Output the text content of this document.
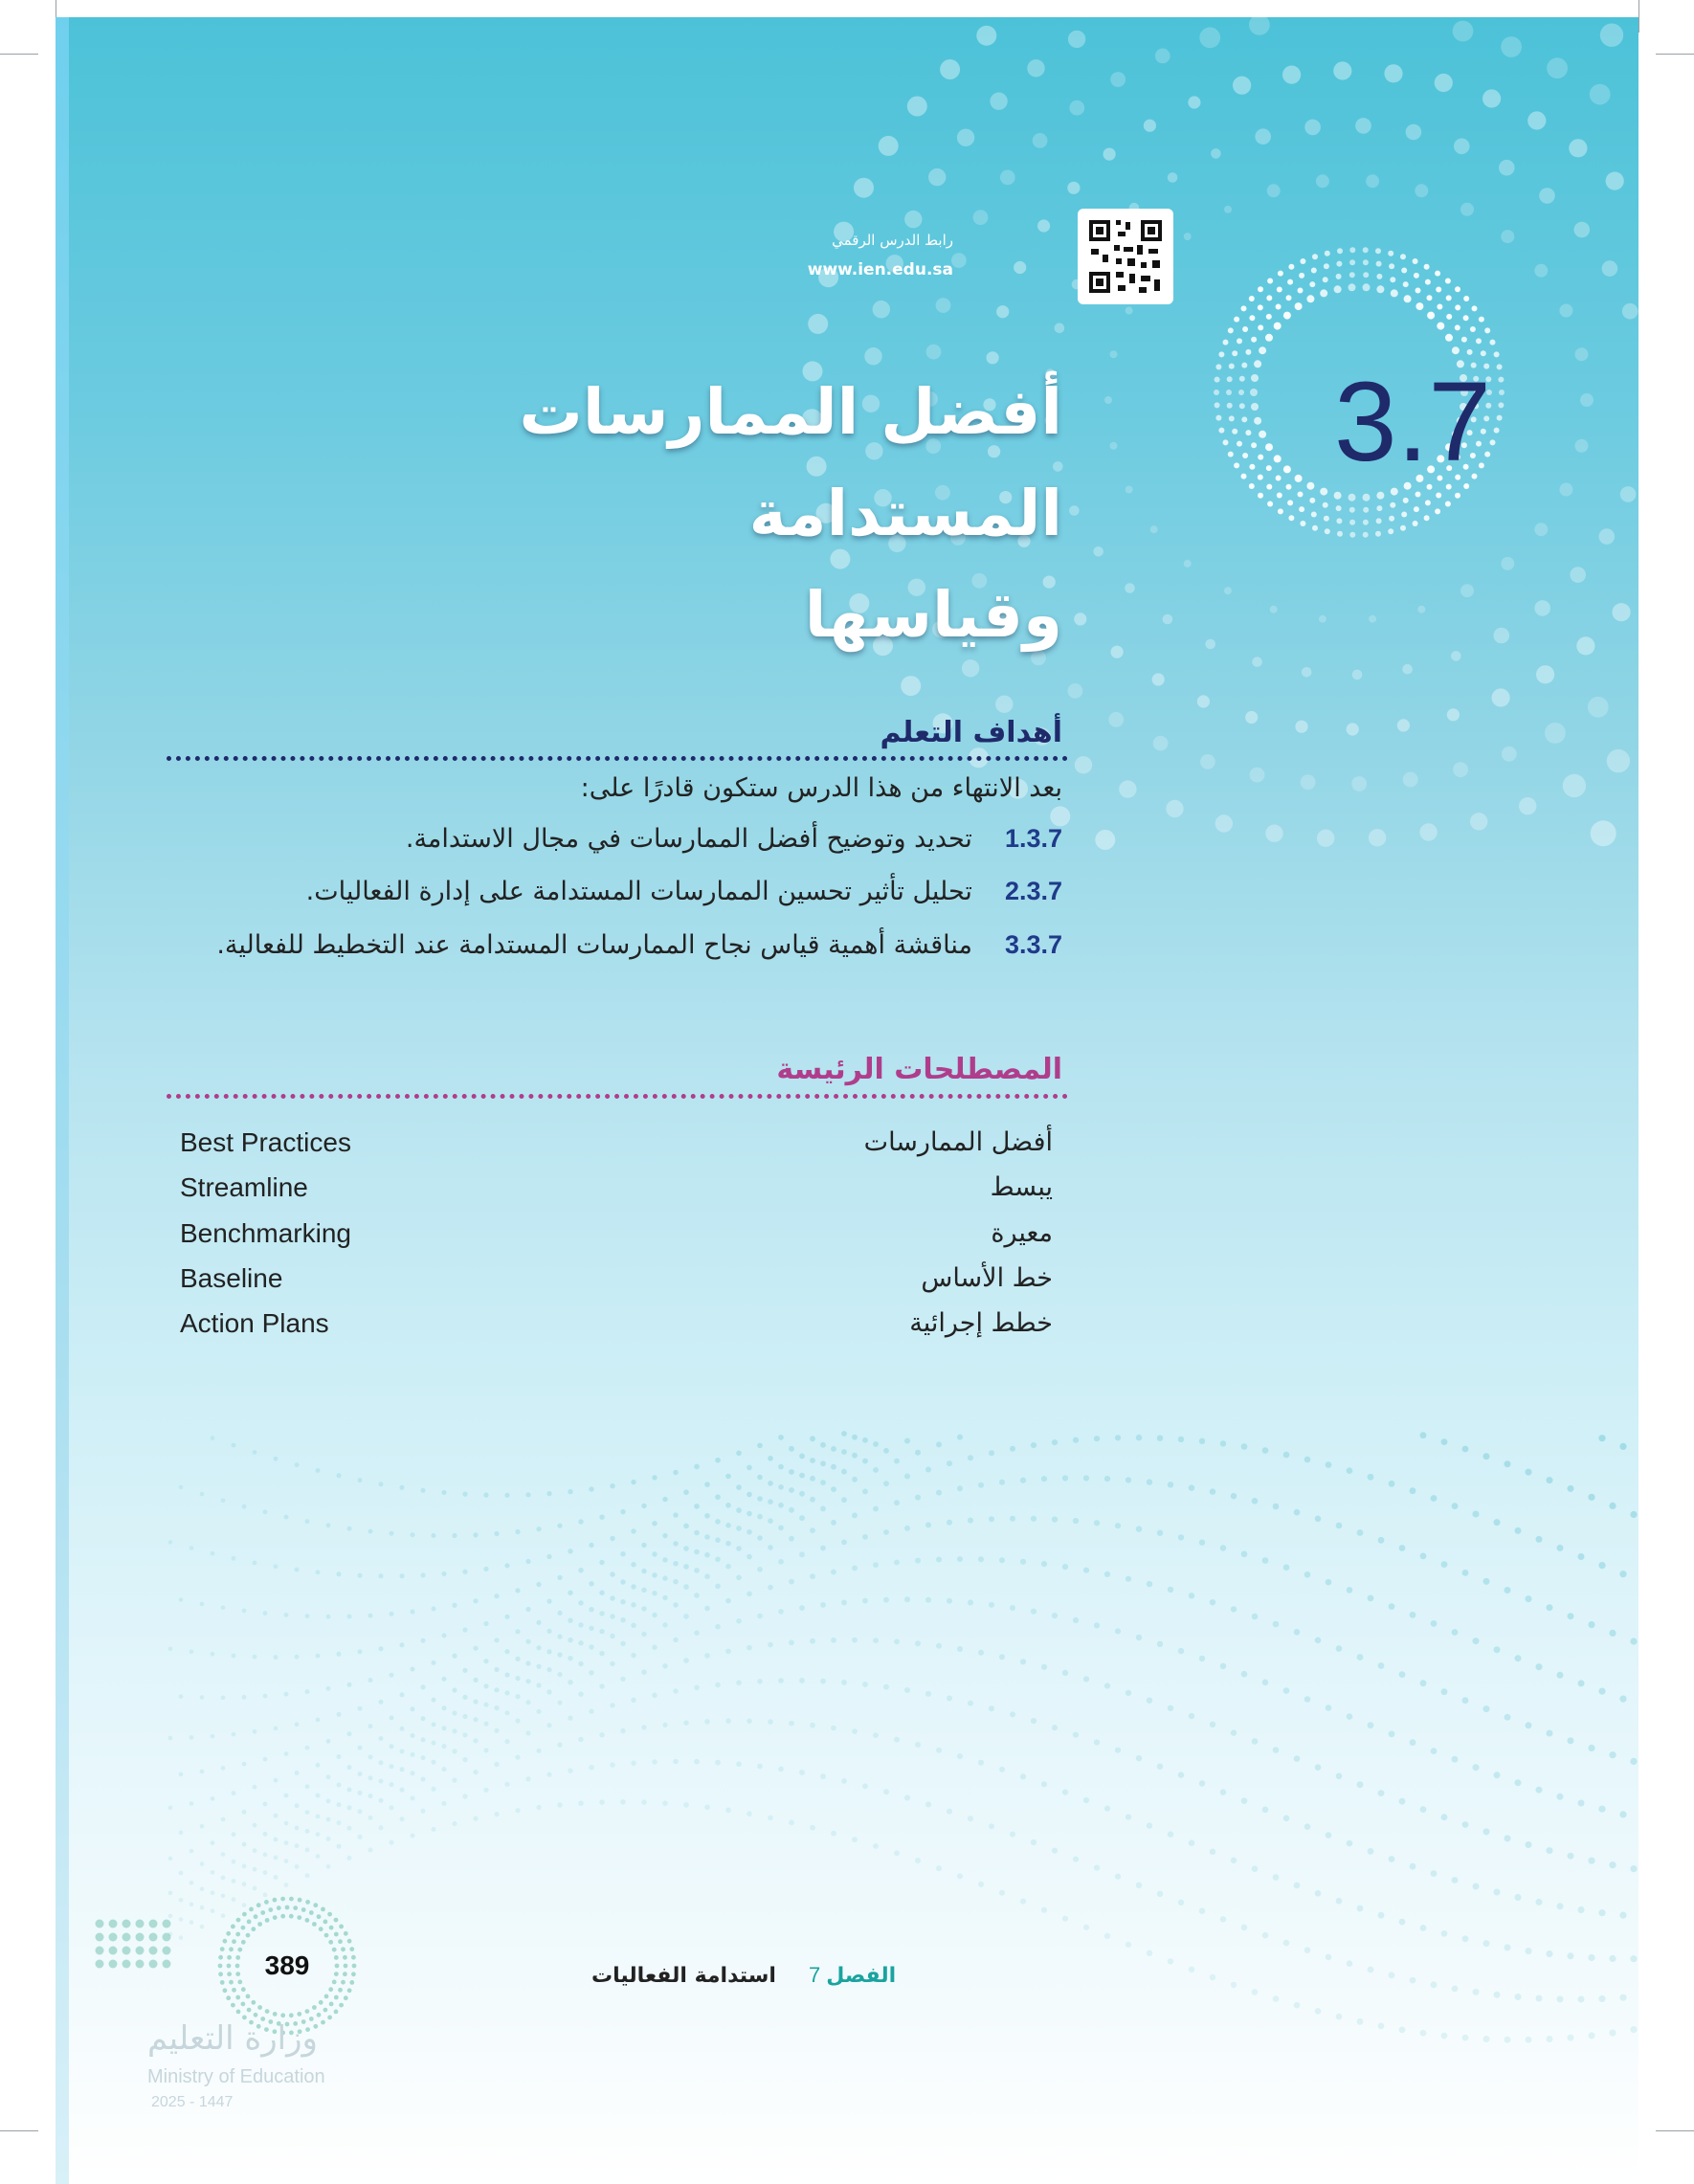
رابط الدرس الرقمي
www.ien.edu.sa
3.7
أفضل الممارسات المستدامة
وقياسها
أهداف التعلم
بعد الانتهاء من هذا الدرس ستكون قادرًا على:
1.3.7تحديد وتوضيح أفضل الممارسات في مجال الاستدامة.
2.3.7تحليل تأثير تحسين الممارسات المستدامة على إدارة الفعاليات.
3.3.7مناقشة أهمية قياس نجاح الممارسات المستدامة عند التخطيط للفعالية.
المصطلحات الرئيسة
أفضل الممارسات
Best Practices
يبسط
Streamline
معيرة
Benchmarking
خط الأساس
Baseline
خطط إجرائية
Action Plans
الفصل7استدامة الفعاليات
389
وزارة التعليم
Ministry of Education
2025 - 1447
